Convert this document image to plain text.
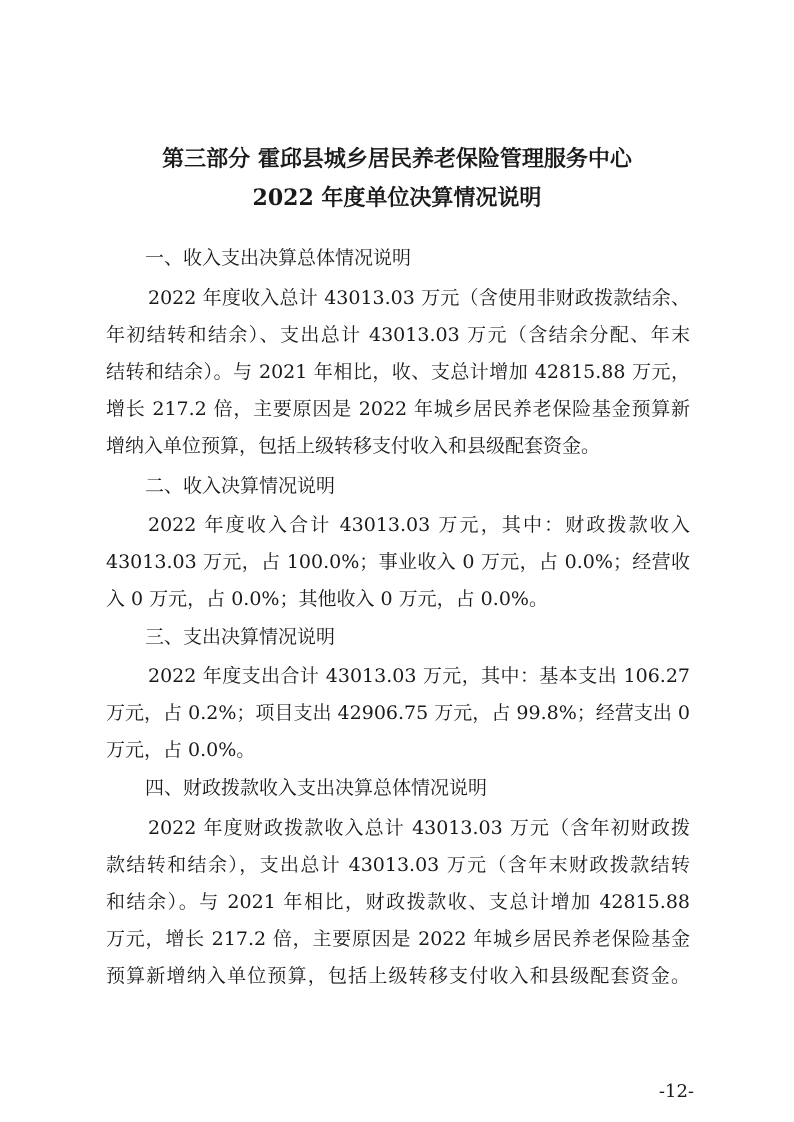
第三部分 霍邱县城乡居民养老保险管理服务中心
2022 年度单位决算情况说明
一、收入支出决算总体情况说明
2022 年度收入总计 43013.03 万元（含使用非财政拨款结余、
年初结转和结余）、支出总计 43013.03 万元（含结余分配、年末
结转和结余）。与 2021 年相比，收、支总计增加 42815.88 万元，
增长 217.2 倍，主要原因是 2022 年城乡居民养老保险基金预算新
增纳入单位预算，包括上级转移支付收入和县级配套资金。
二、收入决算情况说明
2022 年度收入合计 43013.03 万元，其中：财政拨款收入
43013.03 万元，占 100.0%；事业收入 0 万元，占 0.0%；经营收
入 0 万元，占 0.0%；其他收入 0 万元，占 0.0%。
三、支出决算情况说明
2022 年度支出合计 43013.03 万元，其中：基本支出 106.27
万元，占 0.2%；项目支出 42906.75 万元，占 99.8%；经营支出 0
万元，占 0.0%。
四、财政拨款收入支出决算总体情况说明
2022 年度财政拨款收入总计 43013.03 万元（含年初财政拨
款结转和结余），支出总计 43013.03 万元（含年末财政拨款结转
和结余）。与 2021 年相比，财政拨款收、支总计增加 42815.88
万元，增长 217.2 倍，主要原因是 2022 年城乡居民养老保险基金
预算新增纳入单位预算，包括上级转移支付收入和县级配套资金。
-12-
